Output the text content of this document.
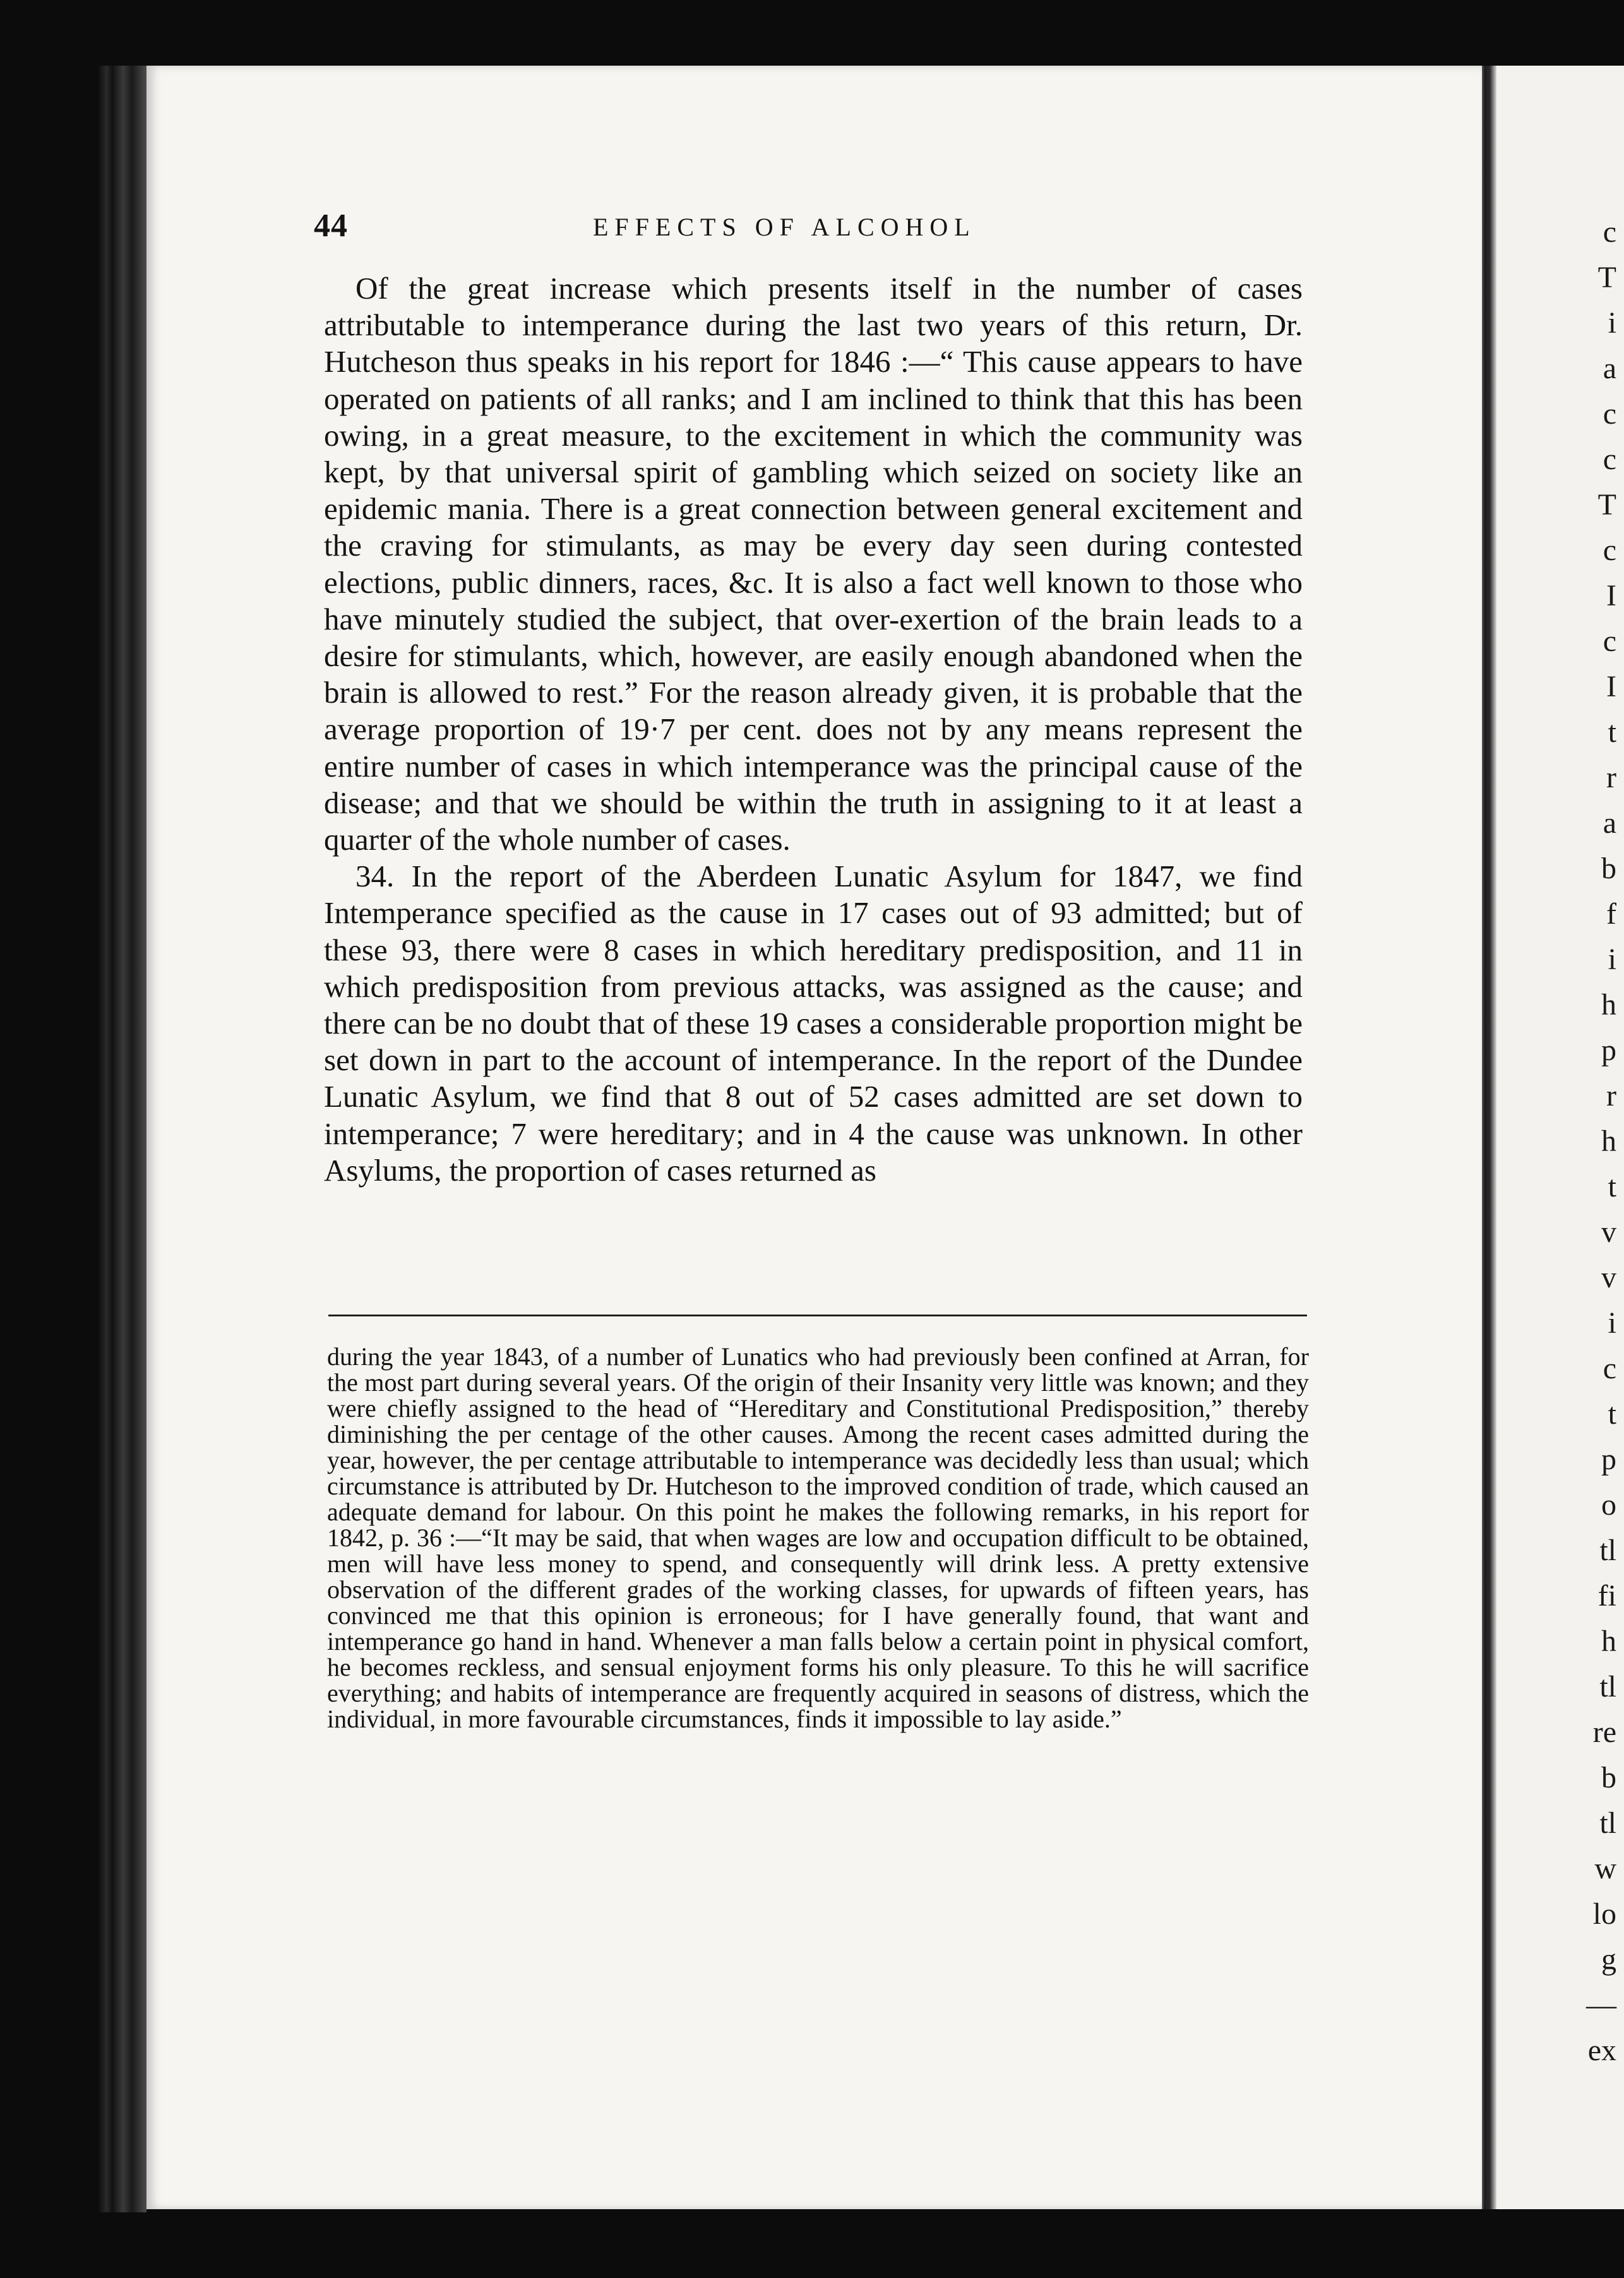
c
T
i
a
c
c
T
c
I
c
I
t
r
a
b
f
i
h
p
r
h
t
v
v
i
c
t
p
o
tl
fi
h
tl
re
b
tl
w
lo
g
—
ex
44	EFFECTS OF ALCOHOL

Of the great increase which presents itself in the number of cases attributable to intemperance during the last two years of this return, Dr. Hutcheson thus speaks in his report for 1846 :—“ This cause appears to have operated on patients of all ranks; and I am inclined to think that this has been owing, in a great measure, to the excitement in which the community was kept, by that universal spirit of gambling which seized on society like an epidemic mania. There is a great connection between general excitement and the craving for stimulants, as may be every day seen during contested elections, public dinners, races, &c. It is also a fact well known to those who have minutely studied the subject, that over-exertion of the brain leads to a desire for stimulants, which, however, are easily enough abandoned when the brain is allowed to rest.” For the reason already given, it is probable that the average proportion of 19·7 per cent. does not by any means represent the entire number of cases in which intemperance was the principal cause of the disease; and that we should be within the truth in assigning to it at least a quarter of the whole number of cases.

34. In the report of the Aberdeen Lunatic Asylum for 1847, we find Intemperance specified as the cause in 17 cases out of 93 admitted; but of these 93, there were 8 cases in which hereditary predisposition, and 11 in which predisposition from previous attacks, was assigned as the cause; and there can be no doubt that of these 19 cases a considerable proportion might be set down in part to the account of intemperance. In the report of the Dundee Lunatic Asylum, we find that 8 out of 52 cases admitted are set down to intemperance; 7 were hereditary; and in 4 the cause was unknown. In other Asylums, the proportion of cases returned as

during the year 1843, of a number of Lunatics who had previously been confined at Arran, for the most part during several years. Of the origin of their Insanity very little was known; and they were chiefly assigned to the head of “Hereditary and Constitutional Predisposition,” thereby diminishing the per centage of the other causes. Among the recent cases admitted during the year, however, the per centage attributable to intemperance was decidedly less than usual; which circumstance is attributed by Dr. Hutcheson to the improved condition of trade, which caused an adequate demand for labour. On this point he makes the following remarks, in his report for 1842, p. 36 :—“It may be said, that when wages are low and occupation difficult to be obtained, men will have less money to spend, and consequently will drink less. A pretty extensive observation of the different grades of the working classes, for upwards of fifteen years, has convinced me that this opinion is erroneous; for I have generally found, that want and intemperance go hand in hand. Whenever a man falls below a certain point in physical comfort, he becomes reckless, and sensual enjoyment forms his only pleasure. To this he will sacrifice everything; and habits of intemperance are frequently acquired in seasons of distress, which the individual, in more favourable circumstances, finds it impossible to lay aside.”
